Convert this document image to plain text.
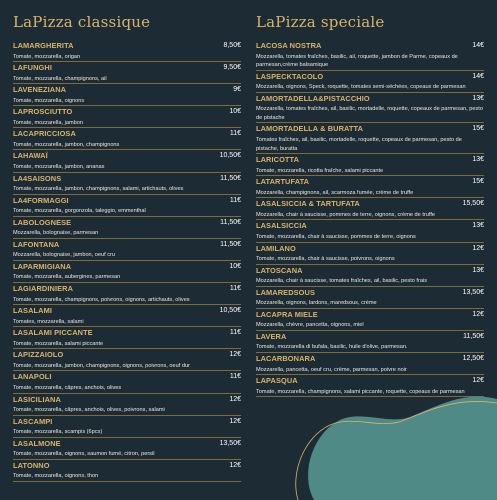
LaPizza classique
LAMARGHERITA	8,50€
Tomate, mozzarella, origan
LAFUNGHI	9,50€
Tomate, mozzarella, champignons, ail
LAVENEZIANA	9€
Tomate, mozzarella, oignons
LAPROSCIUTTO	10€
Tomate, mozzarella, jambon
LACAPRICCIOSA	11€
Tomate, mozzarella, jambon, champignons
LAHAWAÏ	10,50€
Tomate, mozzarella, jambon, ananas
LA4SAISONS	11,50€
Tomate, mozzarella, jambon, champignons, salami, artichauts, olives
LA4FORMAGGI	11€
Tomate, mozzarella, gorgonzola, taleggio, emmenthal
LABOLOGNESE	11,50€
Mozzarella, bolognaise, parmesan
LAFONTANA	11,50€
Mozzarella, bolognaise, jambon, oeuf cru
LAPARMIGIANA	10€
Tomate, mozzarella, aubergines, parmesan
LAGIARDINIERA	11€
Tomate, mozzarella, champignons, poivrons, oignons, artichauts, olives
LASALAMI	10,50€
Tomates, mozzarella, salami
LASALAMI PICCANTE	11€
Tomate, mozzarella, salami piccante
LAPIZZAIOLO	12€
Tomate, mozzarella, jambon, champignons, oignons, poivrons, oeuf dur
LANAPOLI	11€
Tomate, mozzarella, câpres, anchois, olives
LASICILIANA	12€
Tomate, mozzarella, câpres, anchois, olives, poivrons, salami
LASCAMPI	12€
Tomate, mozzarella, scampis (6pcs)
LASALMONE	13,50€
Tomate, mozzarella, oignons, saumon fumé, citron, persil
LATONNO	12€
Tomate, mozzarella, oignons, thon
LaPizza speciale
LACOSA NOSTRA	14€
Mozzarella, tomates fraîches, basilic, ail, roquette, jambon de Parme, copeaux de parmesan,crème balsamique
LASPECKTACOLO	14€
Mozzarella, oignons, Speck, roquette, tomates semi-séchées, copeaux de parmesan
LAMORTADELLA&PISTACCHIO	13€
Mozzarella, tomates fraîches, ail, basilic, mortadelle, roquette, copeaux de parmesan, pesto de pistache
LAMORTADELLA & BURATTA	15€
Tomates fraîches, ail, basilic, mortadelle, roquette, copeaux de parmesan, pesto de pistache, buratta
LARICOTTA	13€
Tomate, mozzarella, ricotta fraîche, salami piccante
LATARTUFATA	15€
Mozzarella, champignons, ail, scarmoza fumée, crème de truffe
LASALSICCIA & TARTUFATA	15,50€
Mozzarella, chair à saucisse, pommes de terre, oignons, crème de truffe
LASALSICCIA	13€
Tomate, mozzarella, chair à saucisse, pommes de terre, oignons
LAMILANO	12€
Tomate, mozzarella, chair à saucisse, poivrons, oignons
LATOSCANA	13€
Mozzarella, chair à saucisse, tomates fraîches, ail, basilic, pesto frais
LAMAREDSOUS	13,50€
Mozzarella, oignons, lardons, maredsous, crème
LACAPRA MIELE	12€
Mozzarella, chèvre, pancetta, oignons, miel
LAVERA	11,50€
Tomate, mozzarella di bufala, basilic, huile d'olive, parmesan.
LACARBONARA	12,50€
Mozzarella, pancetta, oeuf cru, crème, parmesan, poivre noir
LAPASQUA	12€
Tomate, mozzarella, champignons, salami piccante, roquette, copeaux de parmesan
